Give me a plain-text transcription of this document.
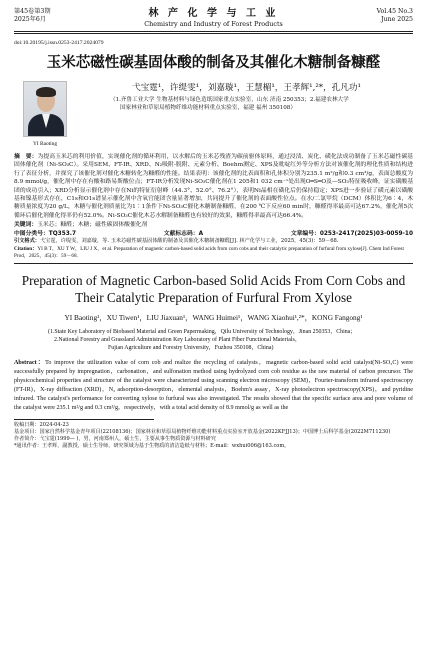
第45卷第3期
2025年6月
林 产 化 学 与 工 业
Chemistry and Industry of Forest Products
Vol.45 No.3
June 2025
doi:10.20195/j.issn.0253-2417.2024079
玉米芯磁性碳基固体酸的制备及其催化木糖制备糠醛
YI Baoting
弋宝霆¹，许缇雯¹，刘嘉璇¹，王慧楣¹，王孝辉¹,²*，孔凡功¹
（1.齐鲁工业大学 生物基材料与绿色造纸国家重点实验室，山东 济南 250353；2.福建农林大学
国家林业和草原局植物纤维功能材料重点实验室，福建 福州 350108）
摘　要：为提高玉米芯的利用价值，实现催化剂的循环利用，以水解后的玉米芯残渣为碳前驱体原料，通过浸渍、炭化、磺化法成功制备了玉米芯磁性碳基固体催化剂（Ni-SO₃C）。采用SEM、FT-IR、XRD、N₂吸附-脱附、元素分析、Boehm测定、XPS及吡啶红外等分析方法对该催化剂的理化性质和结构进行了表征分析，并探究了该催化剂对催化木糖转化为糠醛的性能。结果表明：该催化剂的比表面积和孔体积分别为235.1 m²/g和0.3 cm³/g，表面总酸度为8.9 mmol/g，催化剂中存在有酸和路易斯酸位点；FT-IR分析发现Ni-SO₃C催化剂在1 205和1 032 cm⁻¹处出现O═S═O及—SO₃特征吸收峰，证实磺酸基团的成功引入；XRD分析显示催化剂中存在Ni的特征衍射峰（44.3°、52.0°、76.2°），表明Ni晶相在磺化后仍保持稳定；XPS进一步验证了磺元素以磺酸基和镍基形式存在，C1s和O1s谱显示催化剂中含氧官能团含量显著增加，共同提升了催化剂的表面酸性位点。在水/二氯甲烷（DCM）体积比为6∶4，木糖质量浓度为20 g/L，木糖与催化剂质量比为1∶1条件下Ni-SO₃C催化木糖制备糠醛，在200 ℃下反应60 min时，糠醛得率最高可达67.2%，催化剂5次循环后催化剂催化得率仍有52.0%。Ni-SO₃C催化木芯水解制备糠醛也有较好的效果，糠醛得率最高可达66.4%。
关键词：玉米芯；糠醛；木糖；磁性碳固体酸催化剂
中图分类号：TQ353.7	文献标志码：A	文章编号：0253-2417(2025)03-0059-10
引文格式：弋宝霆，许缇雯，刘嘉璇，等. 玉米芯磁性碳基固体酸的制备及其催化木糖制备糠醛[J]. 林产化学与工业，2025，45(3)：59－68.
Citation：YI B T，XU T W，LIU J X，et al. Preparation of magnetic carbon-based solid acids from corn cobs and their catalytic preparation of furfural from xylose[J]. Chem Ind Forest Prod，2025，45(3)：59－68.
Preparation of Magnetic Carbon-based Solid Acids From Corn Cobs and Their Catalytic Preparation of Furfural From Xylose
YI Baoting¹，XU Tiwen¹，LIU Jiaxuan¹，WANG Huimei¹，WANG Xiaohui¹,²*，KONG Fangong¹
(1.State Key Laboratory of Biobased Material and Green Papermaking，Qilu University of Technology，Jinan 250353，China；
2.National Forestry and Grassland Administration Key Laboratory of Plant Fiber Functional Materials，
Fujian Agriculture and Forestry University，Fuzhou 350108，China)
Abstract：To improve the utilization value of corn cob and realize the recycling of catalysts，magnetic carbon-based solid acid catalyst(Ni-SO₃C) were successfully prepared by impregnation，carbonation，and sulfonation method using hydrolyzed corn cob residue as the raw material of carbon precursor. The physicochemical properties and structure of the catalyst were characterized using scanning electron microscopy (SEM)，Fourier-transform infrared spectroscopy (FT-IR)，X-ray diffraction (XRD)，N₂ adsorption-desorption，elemental analysis，Boehm's assay，X-ray photoelectron spectroscopy(XPS)，and pyridine infrared. The catalyst's performance for converting xylose to furfural was also investigated. The results showed that the specific surface area and pore volume of the catalyst were 235.1 m²/g and 0.3 cm³/g，respectively，with a total acid density of 8.9 mmol/g as well as the
收稿日期：2024-04-23
基金项目：国家自然科学基金青年项目(22108136)；国家林业和草原局植物纤维功能材料重点实验室开放基金(2022KFJJ13)；中国博士后科学基金(2022M711230)
作者简介：弋宝霆(1999— )，男，河南郑州人，硕士生，主要从事生物质资源与材料研究
*通讯作者：王孝辉，副教授，硕士生导师，研究领域为基于生物质的清洁造纸与材料；E-mail：wxhui006@163.com。
